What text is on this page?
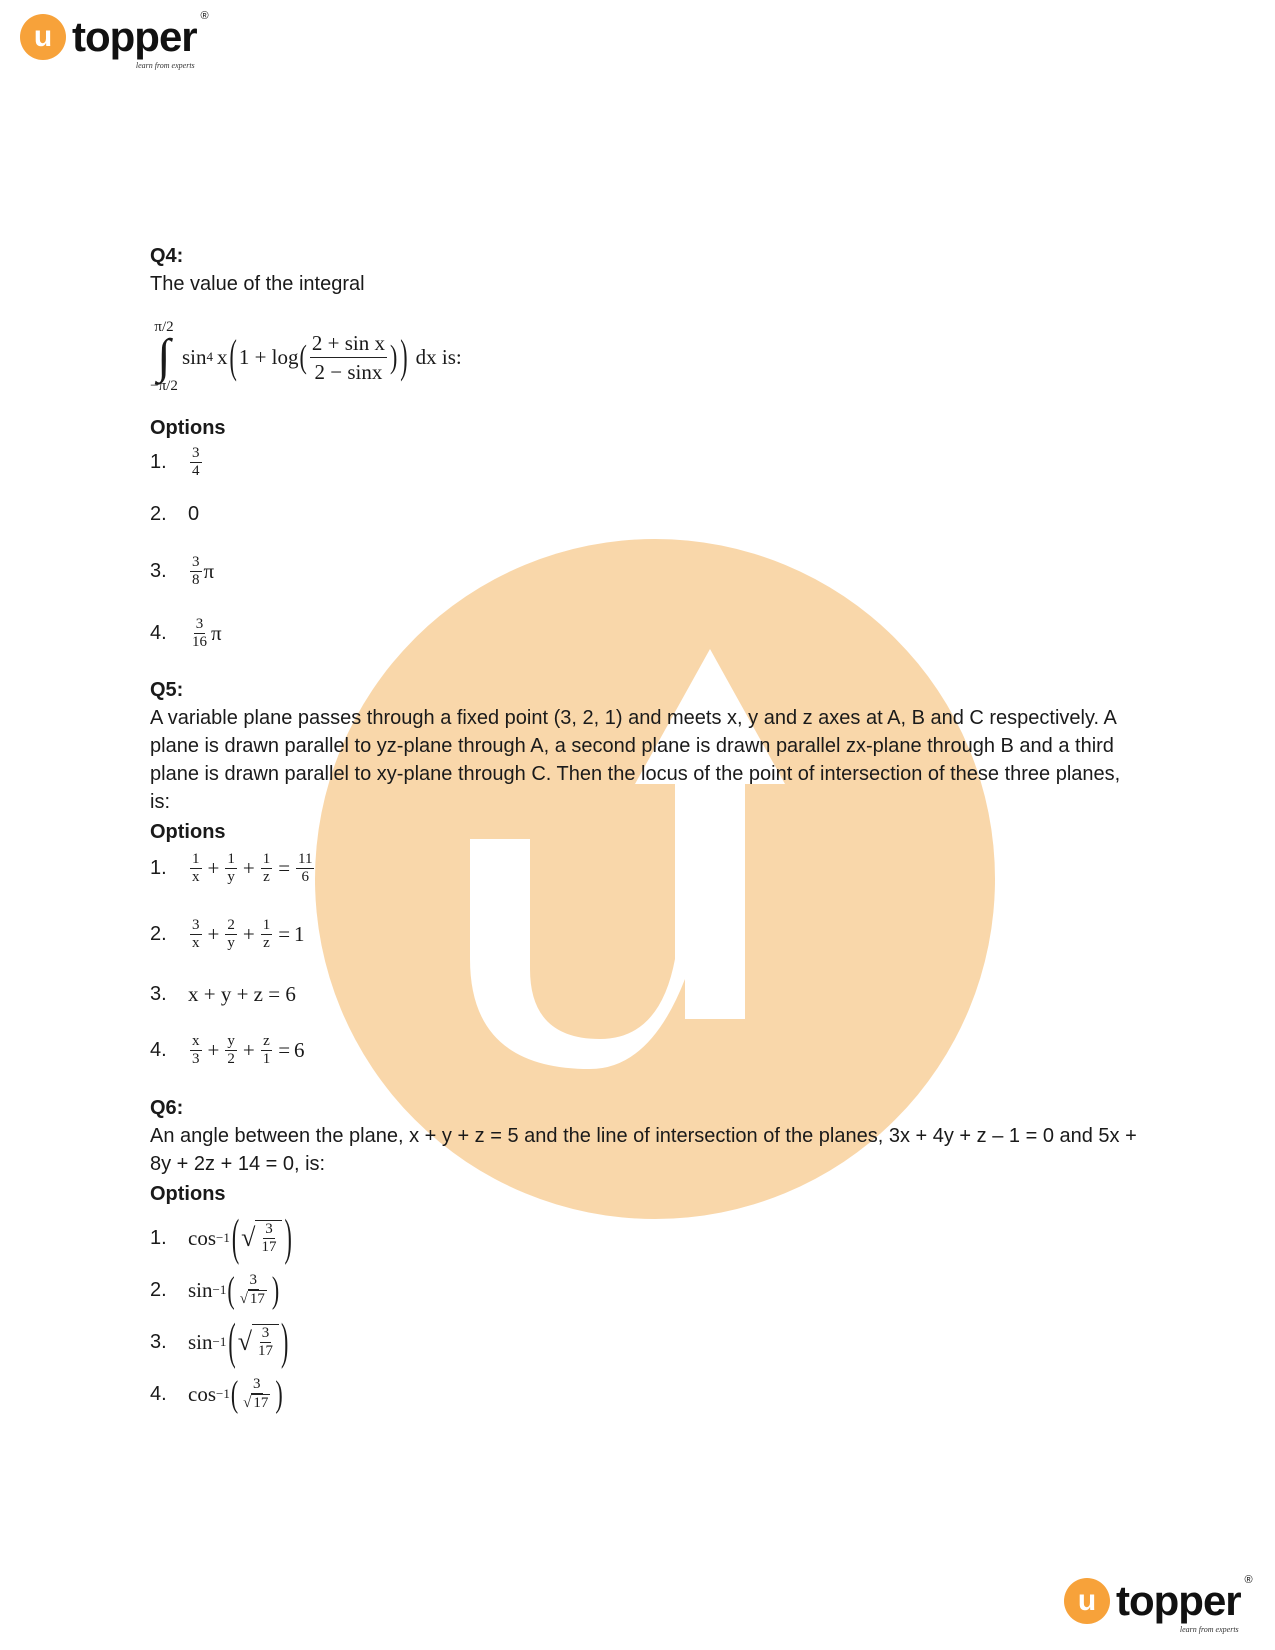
u topper ®
learn from experts
Q4:
The value of the integral
π/2
∫
−π/2
sin 4 x ( 1 + log ( $\frac{\text{2 + sin x}}{2 - \sin x}$ ) ) dx is:
Options
1.	$\frac{3}{4}$
2.	0
3.	$\frac{3}{8}$ π
4.	$\frac{3}{16}$ π
Q5:
A variable plane passes through a fixed point (3, 2, 1) and meets x, y and z axes at A, B and C respectively. A plane is drawn parallel to yz-plane through A, a second plane is drawn parallel zx-plane through B and a third plane is drawn parallel to xy-plane through C. Then the locus of the point of intersection of these three planes, is:
Options
1.	$\frac{1}{x} + \frac{1}{y} + \frac{1}{z} = \frac{11}{6}$
2.	$\frac{3}{x} + \frac{2}{y} + \frac{1}{z} = 1$
3.	x + y + z = 6
4.	$\frac{x}{3} + \frac{y}{2} + \frac{z}{1} = 6$
Q6:
An angle between the plane, x + y + z = 5 and the line of intersection of the planes, 3x + 4y + z – 1 = 0 and 5x + 8y + 2z + 14 = 0, is:
Options
1.	cos −1 ( √ $\frac{3}{17}$ )
2.	sin −1 ( $\frac{3}{√ 17}$ )
3.	sin −1 ( √ $\frac{3}{17}$ )
4.	cos −1 ( $\frac{3}{√ 17}$ )
u topper ®
learn from experts
